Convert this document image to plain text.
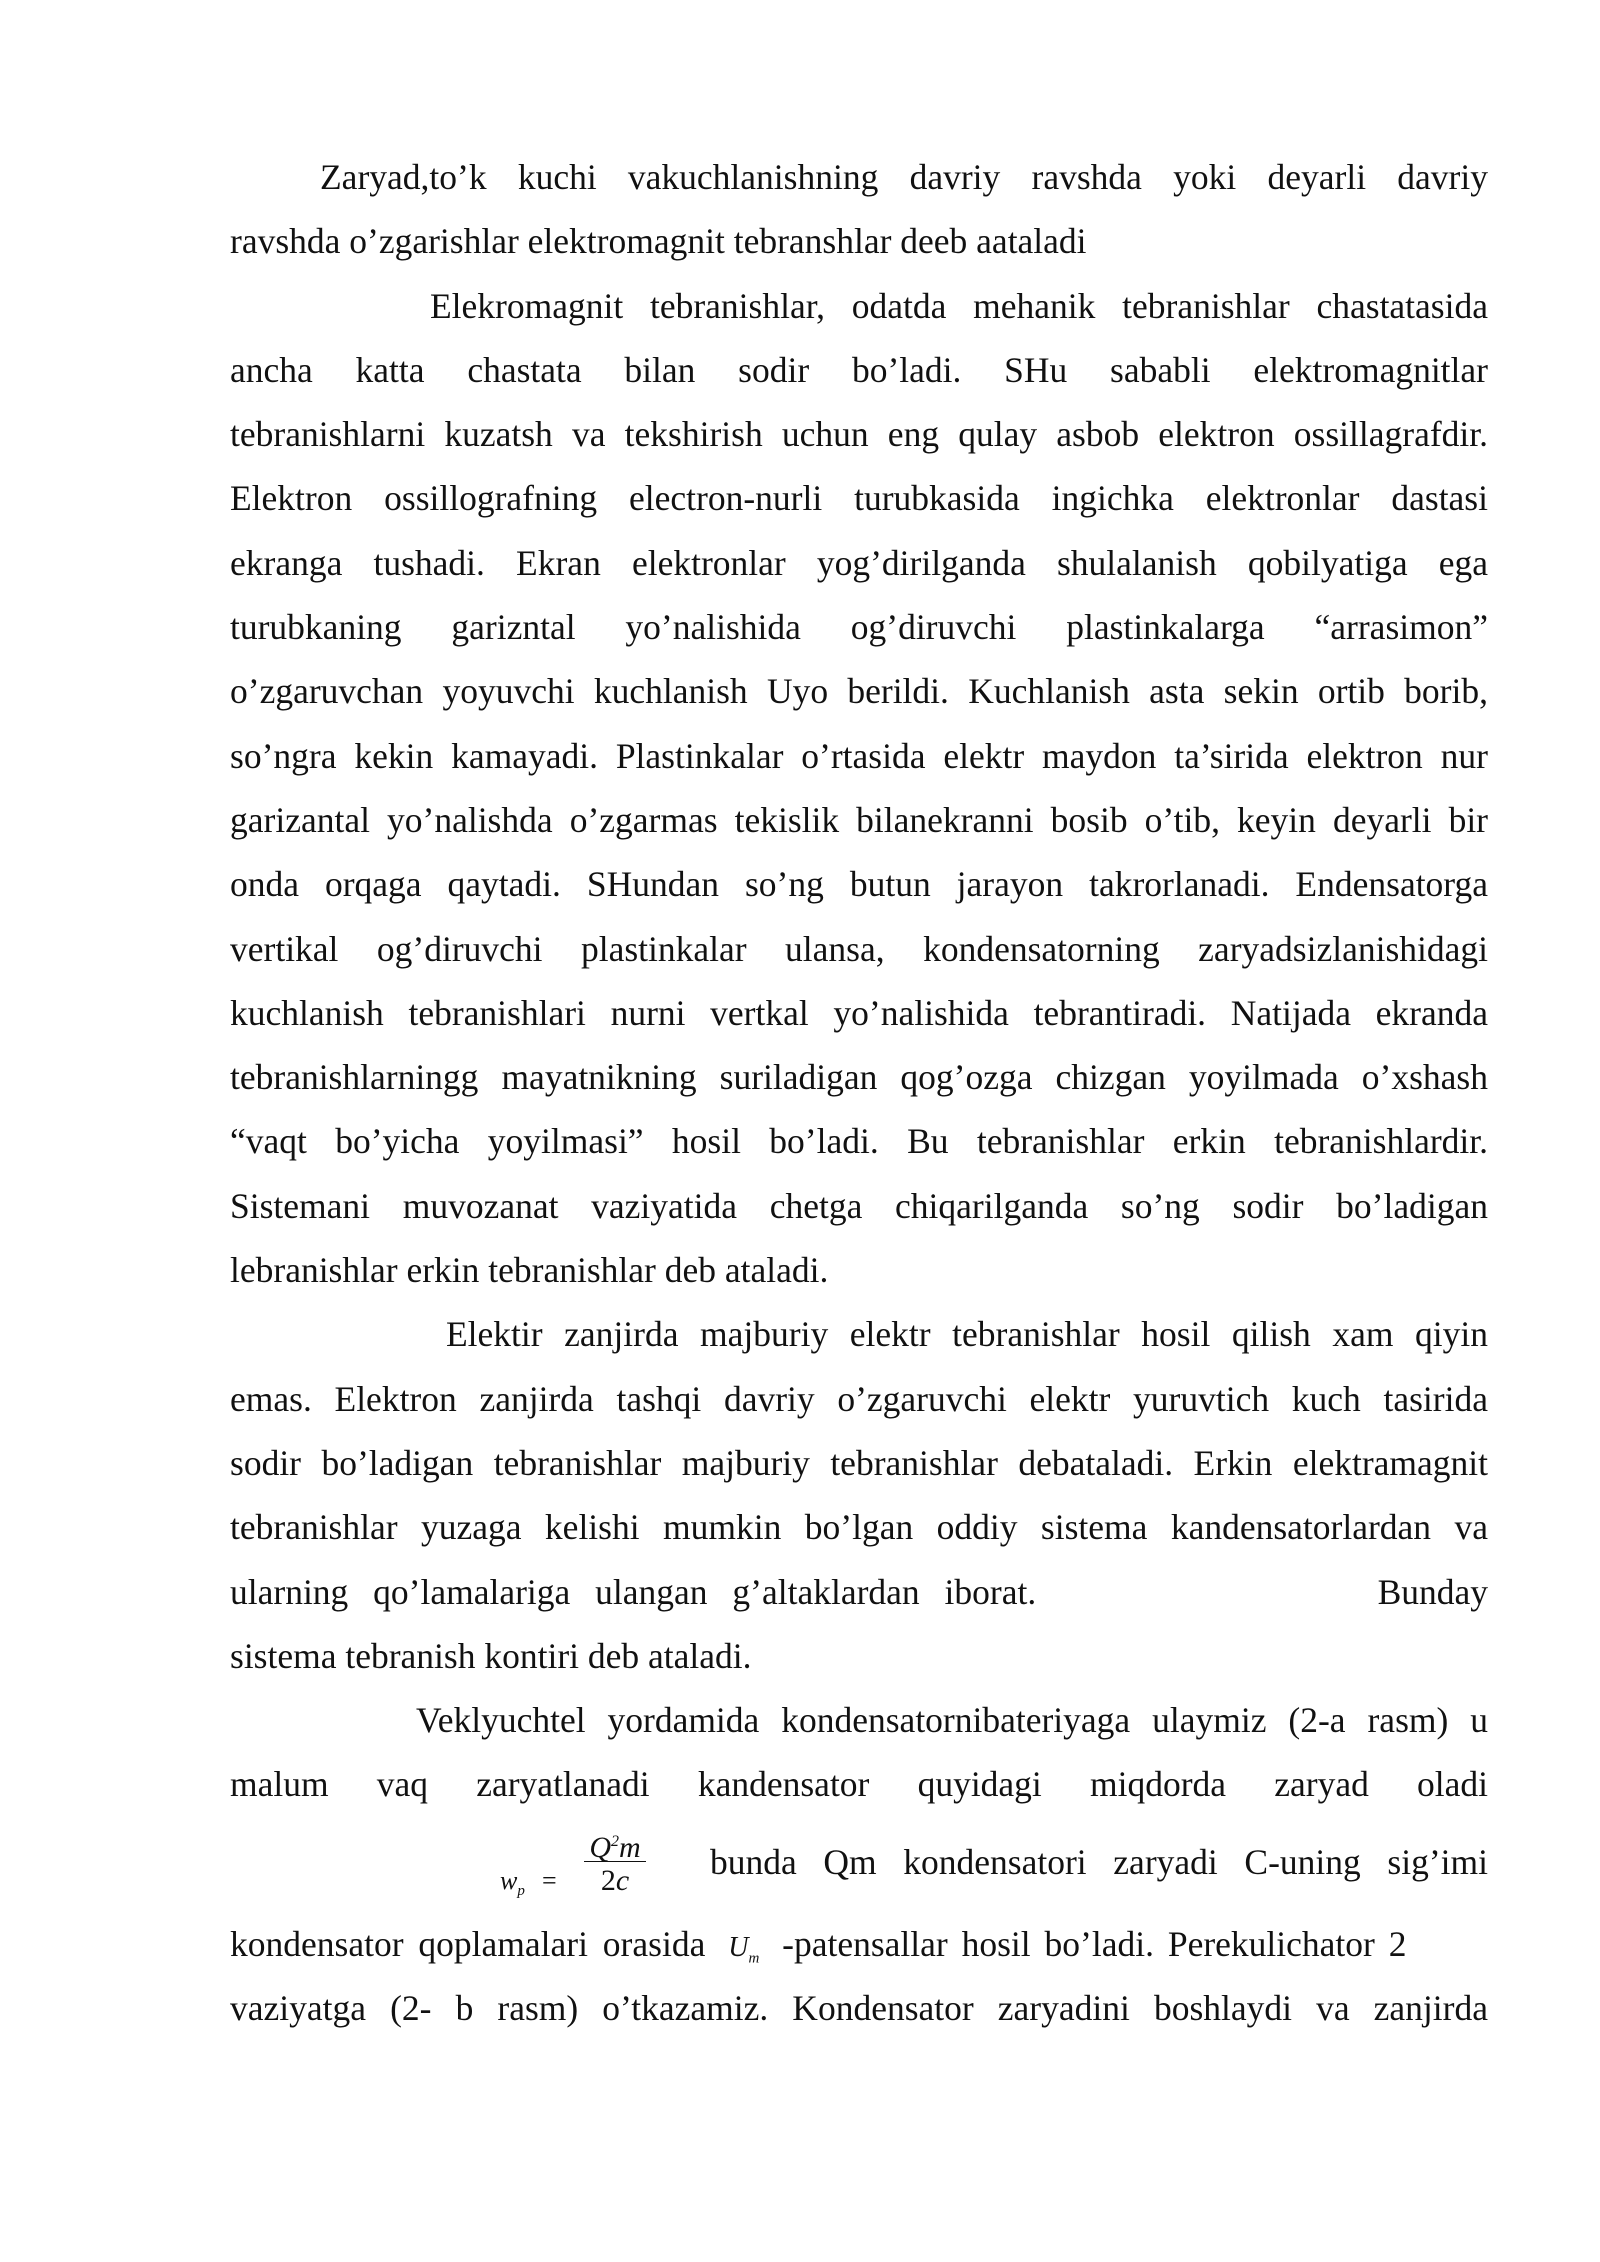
Zaryad,to’k kuchi vakuchlanishning davriy ravshda yoki deyarli davriy
ravshda o’zgarishlar elektromagnit tebranshlar deeb aataladi
Elekromagnit tebranishlar, odatda mehanik tebranishlar chastatasida
ancha katta chastata bilan sodir bo’ladi. SHu sababli elektromagnitlar
tebranishlarni kuzatsh va tekshirish uchun eng qulay asbob elektron ossillagrafdir.
Elektron ossillografning electron-nurli turubkasida ingichka elektronlar dastasi
ekranga tushadi. Ekran elektronlar yog’dirilganda shulalanish qobilyatiga ega
turubkaning garizntal yo’nalishida og’diruvchi plastinkalarga “arrasimon”
o’zgaruvchan yoyuvchi kuchlanish Uyo berildi. Kuchlanish asta sekin ortib borib,
so’ngra kekin kamayadi. Plastinkalar o’rtasida elektr maydon ta’sirida elektron nur
garizantal yo’nalishda o’zgarmas tekislik bilanekranni bosib o’tib, keyin deyarli bir
onda orqaga qaytadi. SHundan so’ng butun jarayon takrorlanadi. Endensatorga
vertikal og’diruvchi plastinkalar ulansa, kondensatorning zaryadsizlanishidagi
kuchlanish tebranishlari nurni vertkal yo’nalishida tebrantiradi. Natijada ekranda
tebranishlarningg mayatnikning suriladigan qog’ozga chizgan yoyilmada o’xshash
“vaqt bo’yicha yoyilmasi” hosil bo’ladi. Bu tebranishlar erkin tebranishlardir.
Sistemani muvozanat vaziyatida chetga chiqarilganda so’ng sodir bo’ladigan
lebranishlar erkin tebranishlar deb ataladi.
Elektir zanjirda majburiy elektr tebranishlar hosil qilish xam qiyin
emas. Elektron zanjirda tashqi davriy o’zgaruvchi elektr yuruvtich kuch tasirida
sodir bo’ladigan tebranishlar majburiy tebranishlar debataladi. Erkin elektramagnit
tebranishlar yuzaga kelishi mumkin bo’lgan oddiy sistema kandensatorlardan va
ularning qo’lamalariga ulangan g’altaklardan iborat.	Bunday
sistema tebranish kontiri deb ataladi.
Veklyuchtel yordamida kondensatornibateriyaga ulaymiz (2-a rasm) u
malum vaq zaryatlanadi kandensator quyidagi miqdorda zaryad oladi
$w_p$ =
$Q^2m$
2c	bunda Qm kondensatori zaryadi C-uning sig’imi
kondensator qoplamalari orasida $U_m$ -patensallar hosil bo’ladi. Perekulichator 2
vaziyatga (2- b rasm) o’tkazamiz. Kondensator zaryadini boshlaydi va zanjirda
